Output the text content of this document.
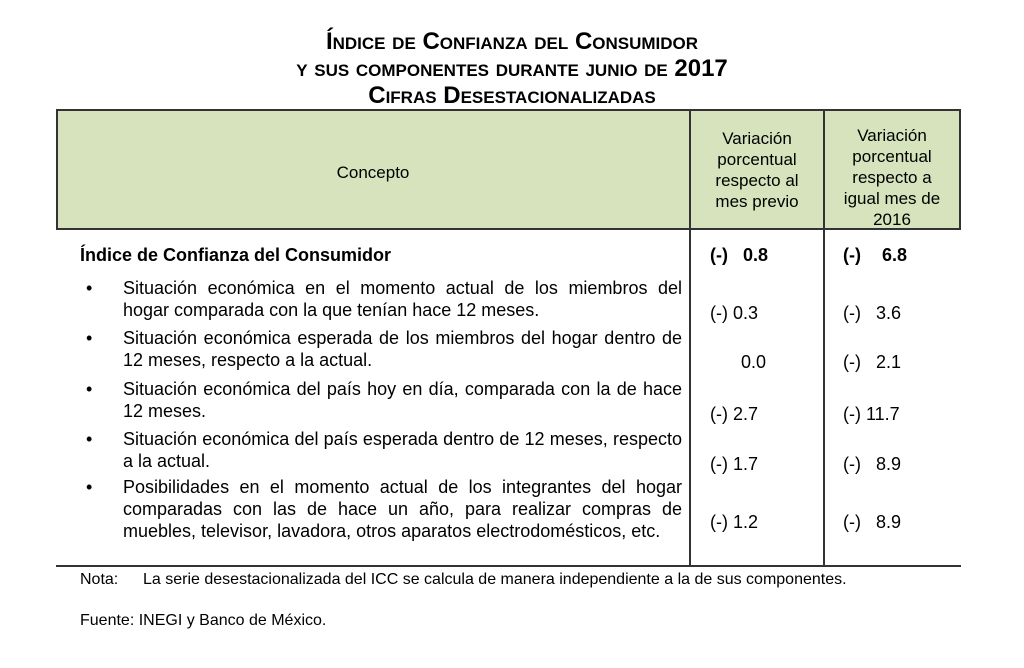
Índice de Confianza del Consumidor
y sus componentes durante junio de 2017
Cifras Desestacionalizadas
Concepto
Variación porcentual respecto al mes previo
Variación porcentual respecto a igual mes de 2016
Índice de Confianza del Consumidor	(-) 0.8	(-) 6.8
• Situación económica en el momento actual de los miembros del hogar comparada con la que tenían hace 12 meses.	(-) 0.3	(-)   3.6
• Situación económica esperada de los miembros del hogar dentro de 12 meses, respecto a la actual.	0.0	(-)   2.1
• Situación económica del país hoy en día, comparada con la de hace 12 meses.	(-) 2.7	(-) 11.7
• Situación económica del país esperada dentro de 12 meses, respecto a la actual.	(-) 1.7	(-)   8.9
• Posibilidades en el momento actual de los integrantes del hogar comparadas con las de hace un año, para realizar compras de muebles, televisor, lavadora, otros aparatos electrodomésticos, etc.	(-) 1.2	(-)   8.9
Nota: La serie desestacionalizada del ICC se calcula de manera independiente a la de sus componentes.
Fuente: INEGI y Banco de México.
